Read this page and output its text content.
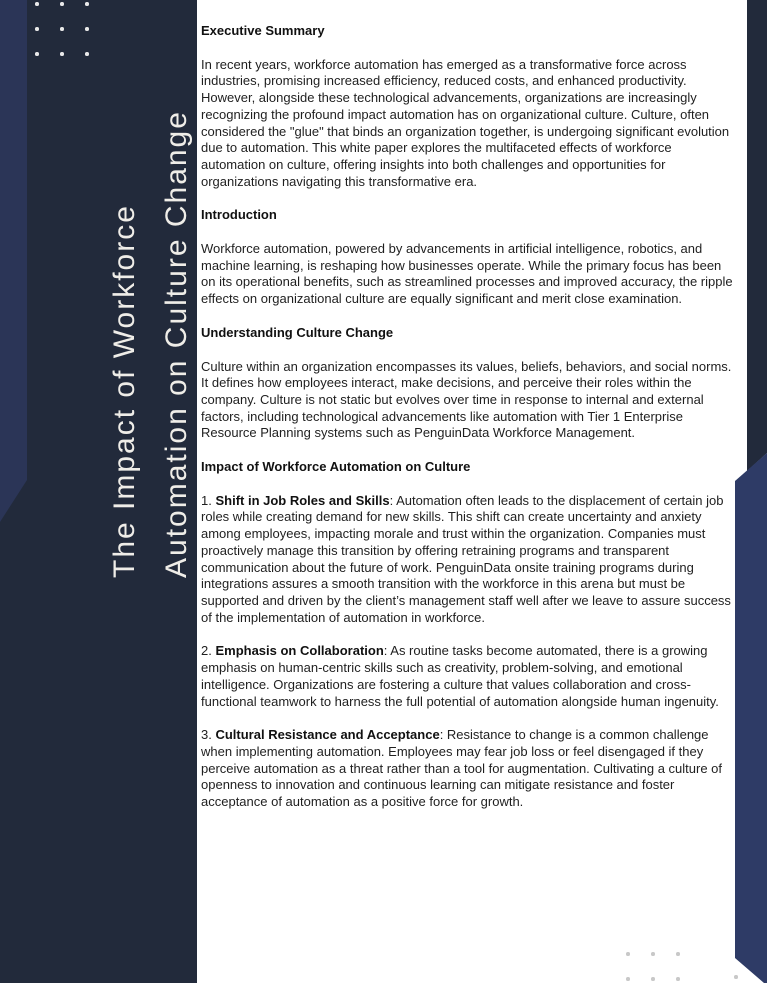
The Impact of Workforce Automation on Culture Change
Executive Summary

In recent years, workforce automation has emerged as a transformative force across industries, promising increased efficiency, reduced costs, and enhanced productivity. However, alongside these technological advancements, organizations are increasingly recognizing the profound impact automation has on organizational culture. Culture, often considered the "glue" that binds an organization together, is undergoing significant evolution due to automation. This white paper explores the multifaceted effects of workforce automation on culture, offering insights into both challenges and opportunities for organizations navigating this transformative era.

Introduction

Workforce automation, powered by advancements in artificial intelligence, robotics, and machine learning, is reshaping how businesses operate. While the primary focus has been on its operational benefits, such as streamlined processes and improved accuracy, the ripple effects on organizational culture are equally significant and merit close examination.

Understanding Culture Change

Culture within an organization encompasses its values, beliefs, behaviors, and social norms. It defines how employees interact, make decisions, and perceive their roles within the company. Culture is not static but evolves over time in response to internal and external factors, including technological advancements like automation with Tier 1 Enterprise Resource Planning systems such as PenguinData Workforce Management.

Impact of Workforce Automation on Culture

1. Shift in Job Roles and Skills: Automation often leads to the displacement of certain job roles while creating demand for new skills. This shift can create uncertainty and anxiety among employees, impacting morale and trust within the organization. Companies must proactively manage this transition by offering retraining programs and transparent communication about the future of work. PenguinData onsite training programs during integrations assures a smooth transition with the workforce in this arena but must be supported and driven by the client’s management staff well after we leave to assure success of the implementation of automation in workforce.

2. Emphasis on Collaboration: As routine tasks become automated, there is a growing emphasis on human-centric skills such as creativity, problem-solving, and emotional intelligence. Organizations are fostering a culture that values collaboration and cross-functional teamwork to harness the full potential of automation alongside human ingenuity.

3. Cultural Resistance and Acceptance: Resistance to change is a common challenge when implementing automation. Employees may fear job loss or feel disengaged if they perceive automation as a threat rather than a tool for augmentation. Cultivating a culture of openness to innovation and continuous learning can mitigate resistance and foster acceptance of automation as a positive force for growth.
